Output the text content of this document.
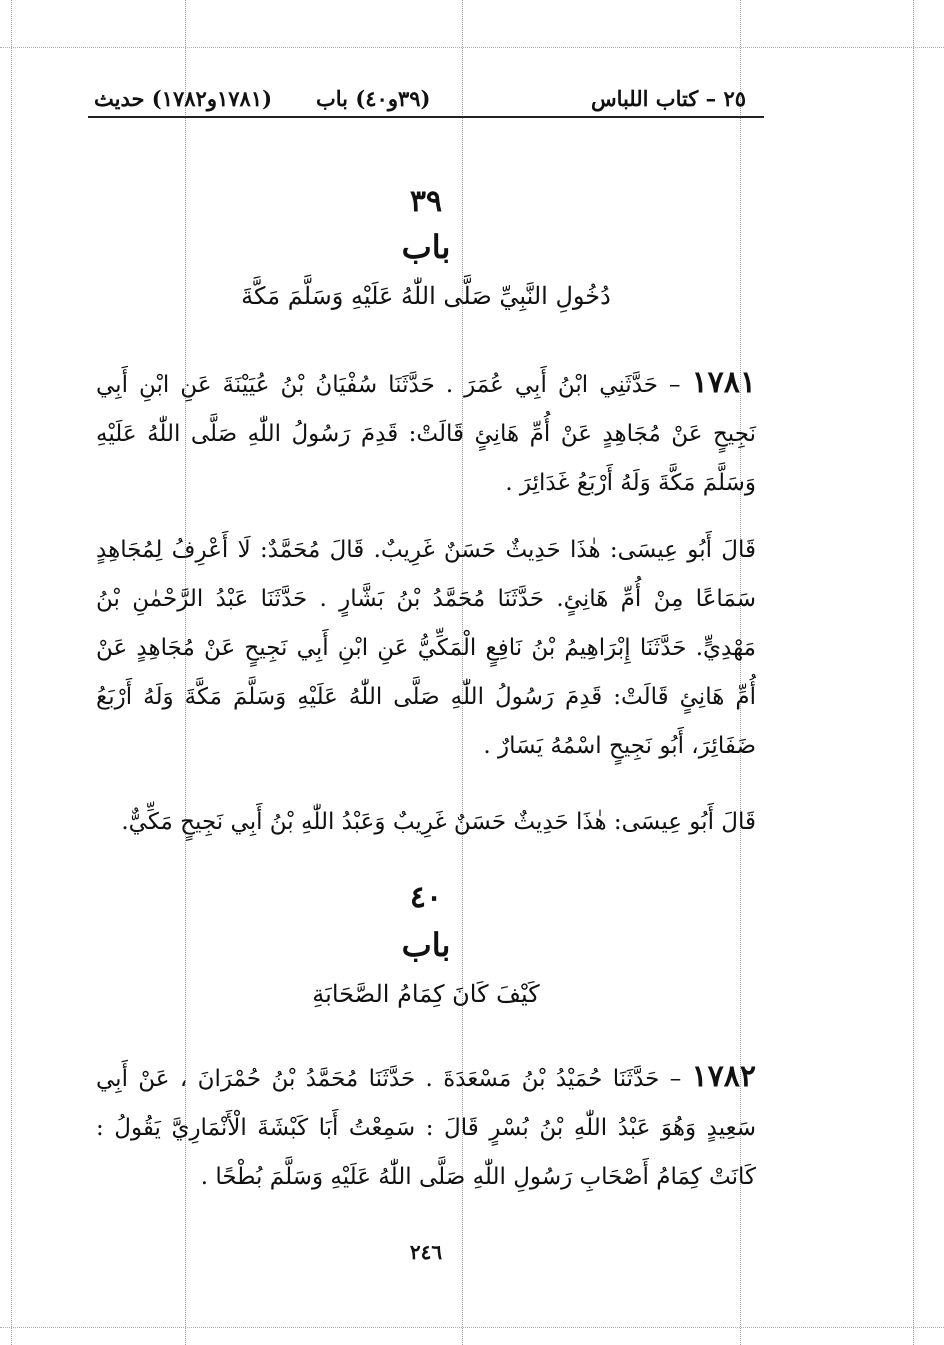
٢٥ – كتاب اللباس
(٣٩و٤٠) باب
(١٧٨١و١٧٨٢) حديث
٣٩
باب
دُخُولِ النَّبِيِّ صَلَّى اللّٰهُ عَلَيْهِ وَسَلَّمَ مَكَّةَ
١٧٨١ – حَدَّثَنِي ابْنُ أَبِي عُمَرَ . حَدَّثَنَا سُفْيَانُ بْنُ عُيَيْنَةَ عَنِ ابْنِ أَبِي نَجِيحٍ عَنْ مُجَاهِدٍ عَنْ أُمِّ هَانِئٍ قَالَتْ: قَدِمَ رَسُولُ اللّٰهِ صَلَّى اللّٰهُ عَلَيْهِ وَسَلَّمَ مَكَّةَ وَلَهُ أَرْبَعُ غَدَائِرَ .
قَالَ أَبُو عِيسَى: هٰذَا حَدِيثٌ حَسَنٌ غَرِيبٌ. قَالَ مُحَمَّدٌ: لَا أَعْرِفُ لِمُجَاهِدٍ سَمَاعًا مِنْ أُمِّ هَانِئٍ. حَدَّثَنَا مُحَمَّدُ بْنُ بَشَّارٍ . حَدَّثَنَا عَبْدُ الرَّحْمٰنِ بْنُ مَهْدِيٍّ. حَدَّثَنَا إِبْرَاهِيمُ بْنُ نَافِعٍ الْمَكِّيُّ عَنِ ابْنِ أَبِي نَجِيحٍ عَنْ مُجَاهِدٍ عَنْ أُمِّ هَانِئٍ قَالَتْ: قَدِمَ رَسُولُ اللّٰهِ صَلَّى اللّٰهُ عَلَيْهِ وَسَلَّمَ مَكَّةَ وَلَهُ أَرْبَعُ ضَفَائِرَ، أَبُو نَجِيحٍ اسْمُهُ يَسَارٌ .
قَالَ أَبُو عِيسَى: هٰذَا حَدِيثٌ حَسَنٌ غَرِيبٌ وَعَبْدُ اللّٰهِ بْنُ أَبِي نَجِيحٍ مَكِّيٌّ.
٤٠
باب
كَيْفَ كَانَ كِمَامُ الصَّحَابَةِ
١٧٨٢ – حَدَّثَنَا حُمَيْدُ بْنُ مَسْعَدَةَ . حَدَّثَنَا مُحَمَّدُ بْنُ حُمْرَانَ ، عَنْ أَبِي سَعِيدٍ وَهُوَ عَبْدُ اللّٰهِ بْنُ بُسْرٍ قَالَ : سَمِعْتُ أَبَا كَبْشَةَ الْأَنْمَارِيَّ يَقُولُ : كَانَتْ كِمَامُ أَصْحَابِ رَسُولِ اللّٰهِ صَلَّى اللّٰهُ عَلَيْهِ وَسَلَّمَ بُطْحًا .
٢٤٦
